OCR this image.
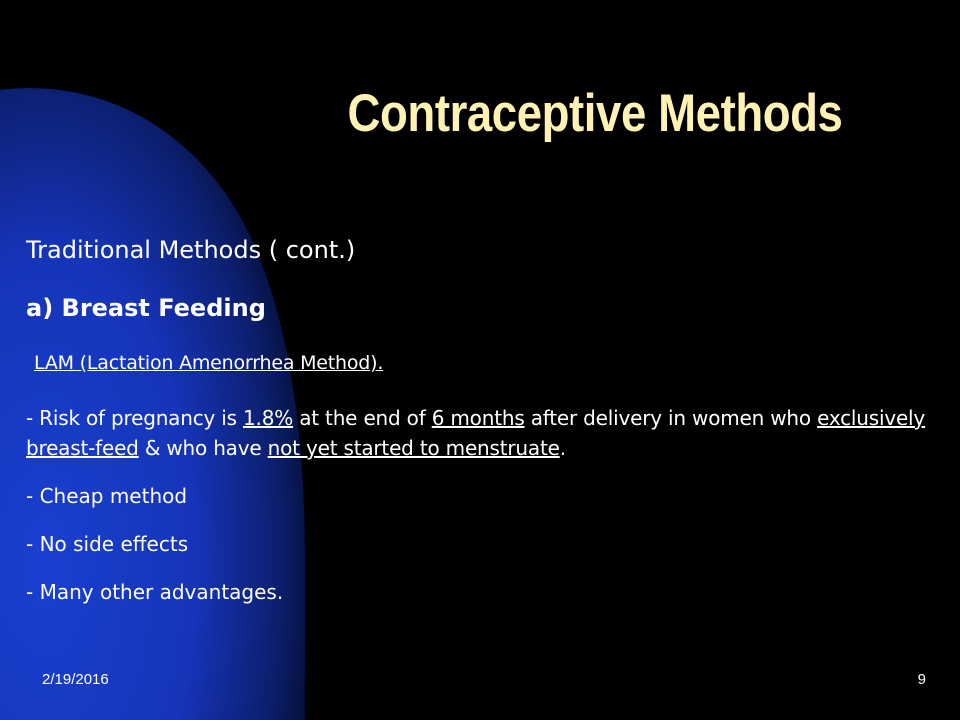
Contraceptive Methods
Traditional Methods ( cont.)
a) Breast Feeding
LAM (Lactation Amenorrhea Method).
- Risk of pregnancy is 1.8% at the end of 6 months after delivery in women who exclusively breast-feed & who have not yet started to menstruate.
- Cheap method
- No side effects
- Many other advantages.
2/19/2016	9
